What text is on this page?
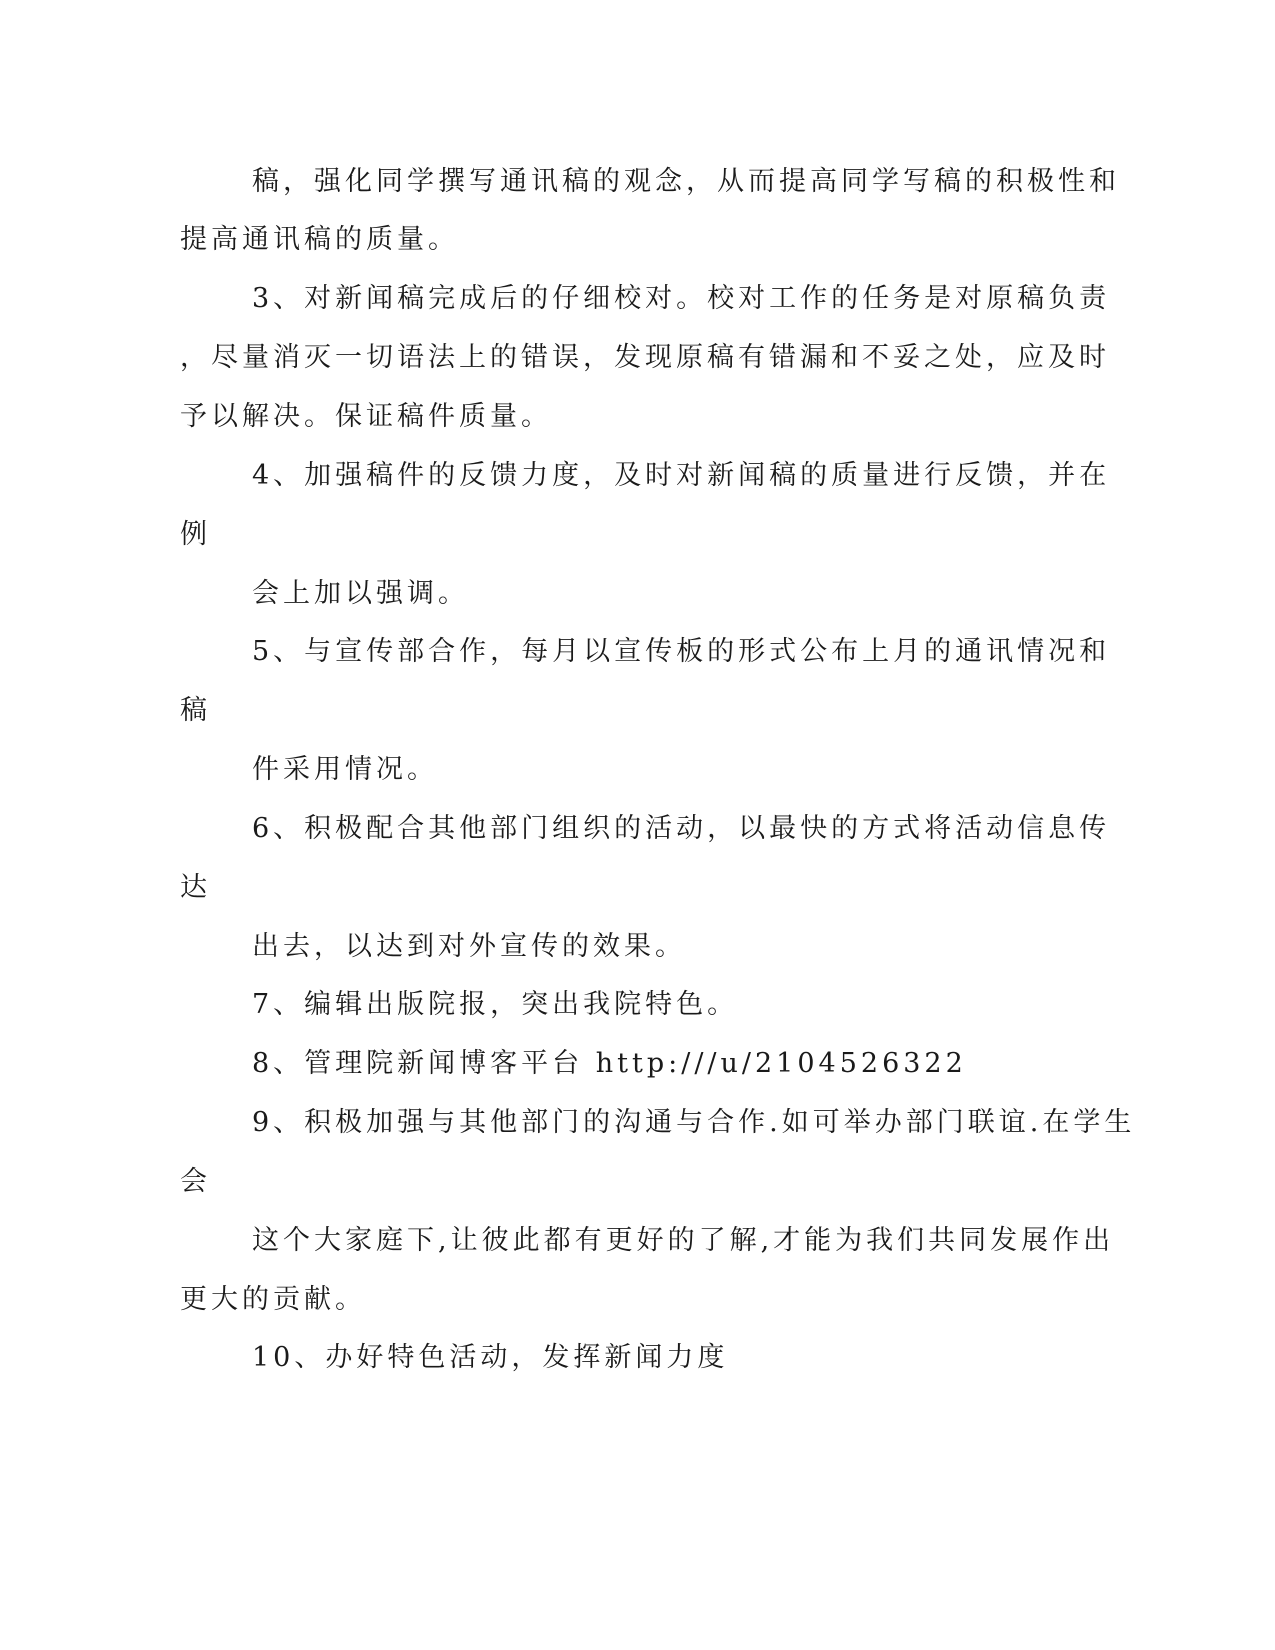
稿，强化同学撰写通讯稿的观念，从而提高同学写稿的积极性和
提高通讯稿的质量。
3、对新闻稿完成后的仔细校对。校对工作的任务是对原稿负责
，尽量消灭一切语法上的错误，发现原稿有错漏和不妥之处，应及时
予以解决。保证稿件质量。
4、加强稿件的反馈力度，及时对新闻稿的质量进行反馈，并在
例
会上加以强调。
5、与宣传部合作，每月以宣传板的形式公布上月的通讯情况和
稿
件采用情况。
6、积极配合其他部门组织的活动，以最快的方式将活动信息传
达
出去，以达到对外宣传的效果。
7、编辑出版院报，突出我院特色。
8、管理院新闻博客平台 http:///u/2104526322
9、积极加强与其他部门的沟通与合作.如可举办部门联谊.在学生
会
这个大家庭下,让彼此都有更好的了解,才能为我们共同发展作出
更大的贡献。
10、办好特色活动，发挥新闻力度
